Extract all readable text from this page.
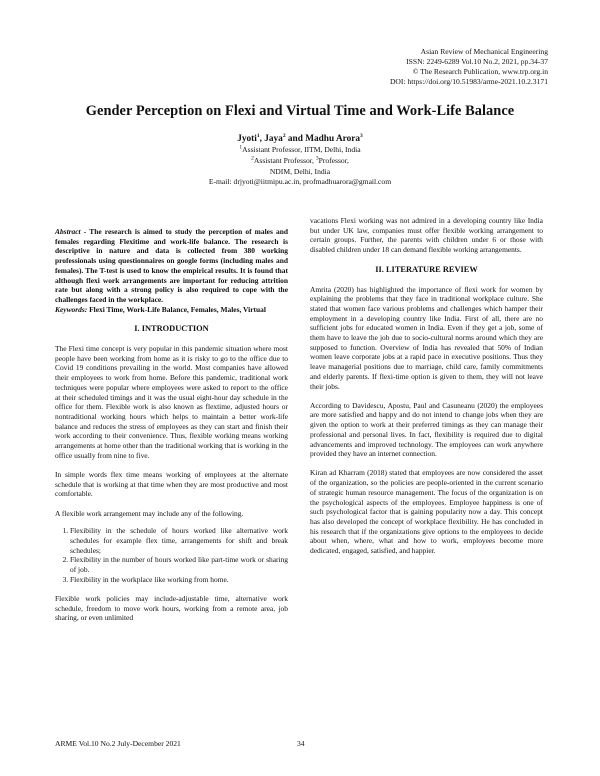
Asian Review of Mechanical Engineering
ISSN: 2249-6289 Vol.10 No.2, 2021, pp.34-37
© The Research Publication, www.trp.org.in
DOI: https://doi.org/10.51983/arme-2021.10.2.3171
Gender Perception on Flexi and Virtual Time and Work-Life Balance
Jyoti$^1$, Jaya$^2$ and Madhu Arora$^3$
$^1$Assistant Professor, IITM, Delhi, India
$^2$Assistant Professor, $^3$Professor,
NDIM, Delhi, India
E-mail: drjyoti@iitmipu.ac.in, profmadhuarora@gmail.com

Abstract - The research is aimed to study the perception of males and females regarding Flexitime and work-life balance. The research is descriptive in nature and data is collected from 380 working professionals using questionnaires on google forms (including males and females). The T-test is used to know the empirical results. It is found that although flexi work arrangements are important for reducing attrition rate but along with a strong policy is also required to cope with the challenges faced in the workplace.

Keywords: Flexi Time, Work-Life Balance, Females, Males, Virtual

I. INTRODUCTION

The Flexi time concept is very popular in this pandemic situation where most people have been working from home as it is risky to go to the office due to Covid 19 conditions prevailing in the world. Most companies have allowed their employees to work from home. Before this pandemic, traditional work techniques were popular where employees were asked to report to the office at their scheduled timings and it was the usual eight-hour day schedule in the office for them. Flexible work is also known as flextime, adjusted hours or nontraditional working hours which helps to maintain a better work-life balance and reduces the stress of employees as they can start and finish their work according to their convenience. Thus, flexible working means working arrangements at home other than the traditional working that is working in the office usually from nine to five.

In simple words flex time means working of employees at the alternate schedule that is working at that time when they are most productive and most comfortable.

A flexible work arrangement may include any of the following.

1. Flexibility in the schedule of hours worked like alternative work schedules for example flex time, arrangements for shift and break schedules;
2. Flexibility in the number of hours worked like part-time work or sharing of job.
3. Flexibility in the workplace like working from home.

Flexible work policies may include-adjustable time, alternative work schedule, freedom to move work hours, working from a remote area, job sharing, or even unlimited

vacations Flexi working was not admired in a developing country like India but under UK law, companies must offer flexible working arrangement to certain groups. Further, the parents with children under 6 or those with disabled children under 18 can demand flexible working arrangements.

II. LITERATURE REVIEW

Amrita (2020) has highlighted the importance of flexi work for women by explaining the problems that they face in traditional workplace culture. She stated that women face various problems and challenges which hamper their employment in a developing country like India. First of all, there are no sufficient jobs for educated women in India. Even if they get a job, some of them have to leave the job due to socio-cultural norms around which they are supposed to function. Overview of India has revealed that 50% of Indian women leave corporate jobs at a rapid pace in executive positions. Thus they leave managerial positions due to marriage, child care, family commitments and elderly parents. If flexi-time option is given to them, they will not leave their jobs.

According to Davidescu, Apostu, Paul and Casuneanu (2020) the employees are more satisfied and happy and do not intend to change jobs when they are given the option to work at their preferred timings as they can manage their professional and personal lives. In fact, flexibility is required due to digital advancements and improved technology. The employees can work anywhere provided they have an internet connection.

Kiran ad Kharram (2018) stated that employees are now considered the asset of the organization, so the policies are people-oriented in the current scenario of strategic human resource management. The focus of the organization is on the psychological aspects of the employees. Employee happiness is one of such psychological factor that is gaining popularity now a day. This concept has also developed the concept of workplace flexibility. He has concluded in his research that if the organizations give options to the employees to decide about when, where, what and how to work, employees become more dedicated, engaged, satisfied, and happier.

ARME Vol.10 No.2 July-December 2021	34
